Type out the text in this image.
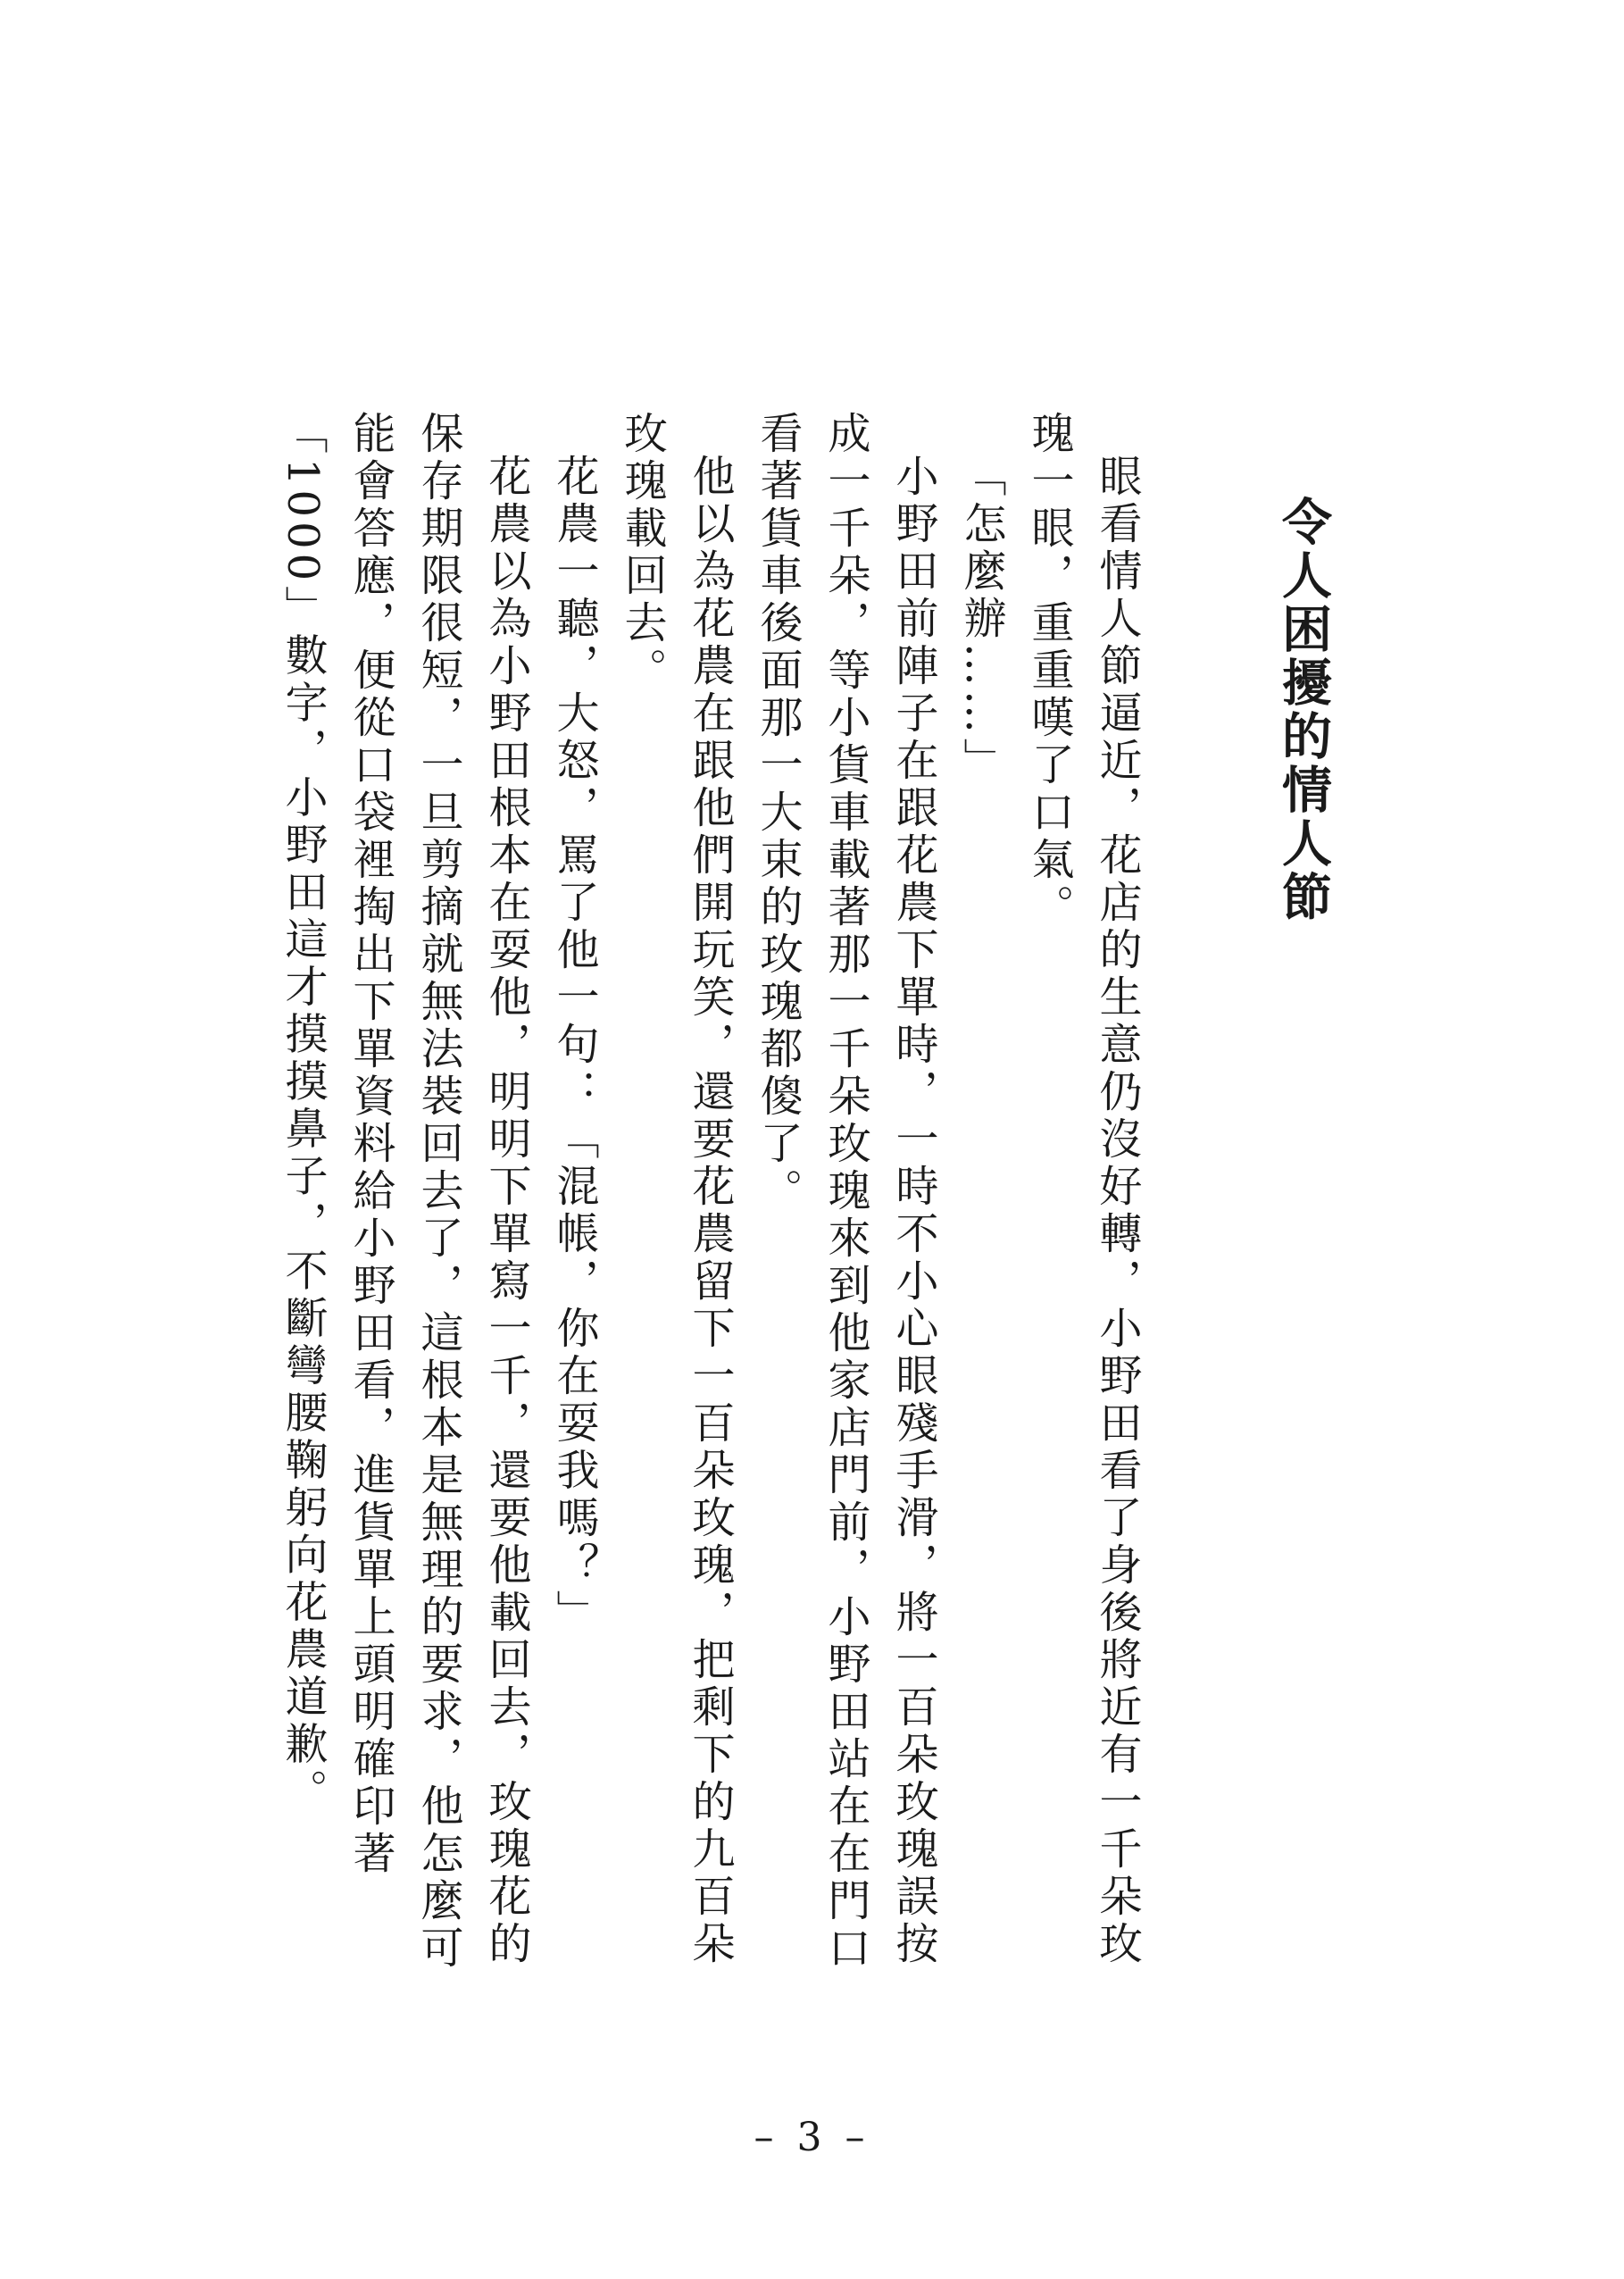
令人困擾的情人節

眼看情人節逼近，花店的生意仍沒好轉，小野田看了身後將近有一千朵玫瑰一眼，重重嘆了口氣。

「怎麼辦……」

小野田前陣子在跟花農下單時，一時不小心眼殘手滑，將一百朵玫瑰誤按成一千朵，等小貨車載著那一千朵玫瑰來到他家店門前，小野田站在在門口看著貨車後面那一大束的玫瑰都傻了。

他以為花農在跟他們開玩笑，還要花農留下一百朵玫瑰，把剩下的九百朵玫瑰載回去。

花農一聽，大怒，罵了他一句：「混帳，你在耍我嗎？」

花農以為小野田根本在耍他，明明下單寫一千，還要他載回去，玫瑰花的保存期限很短，一旦剪摘就無法裝回去了，這根本是無理的要求，他怎麼可能會答應，便從口袋裡掏出下單資料給小野田看，進貨單上頭明確印著「1000」數字，小野田這才摸摸鼻子，不斷彎腰鞠躬向花農道歉。

– 3 –
